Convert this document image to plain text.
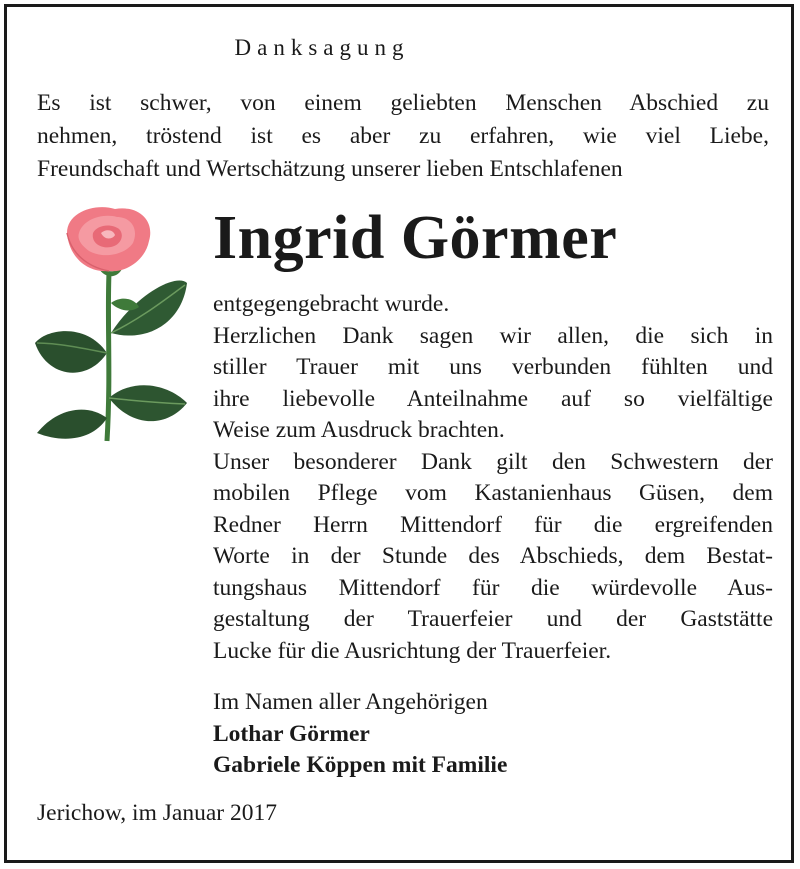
Danksagung
Es ist schwer, von einem geliebten Menschen Abschied zu
nehmen, tröstend ist es aber zu erfahren, wie viel Liebe,
Freundschaft und Wertschätzung unserer lieben Entschlafenen
Ingrid Görmer
entgegengebracht wurde.
Herzlichen Dank sagen wir allen, die sich in
stiller Trauer mit uns verbunden fühlten und
ihre liebevolle Anteilnahme auf so vielfältige
Weise zum Ausdruck brachten.
Unser besonderer Dank gilt den Schwestern der
mobilen Pflege vom Kastanienhaus Güsen, dem
Redner Herrn Mittendorf für die ergreifenden
Worte in der Stunde des Abschieds, dem Bestat-
tungshaus Mittendorf für die würdevolle Aus-
gestaltung der Trauerfeier und der Gaststätte
Lucke für die Ausrichtung der Trauerfeier.
Im Namen aller Angehörigen
Lothar Görmer
Gabriele Köppen mit Familie
Jerichow, im Januar 2017
